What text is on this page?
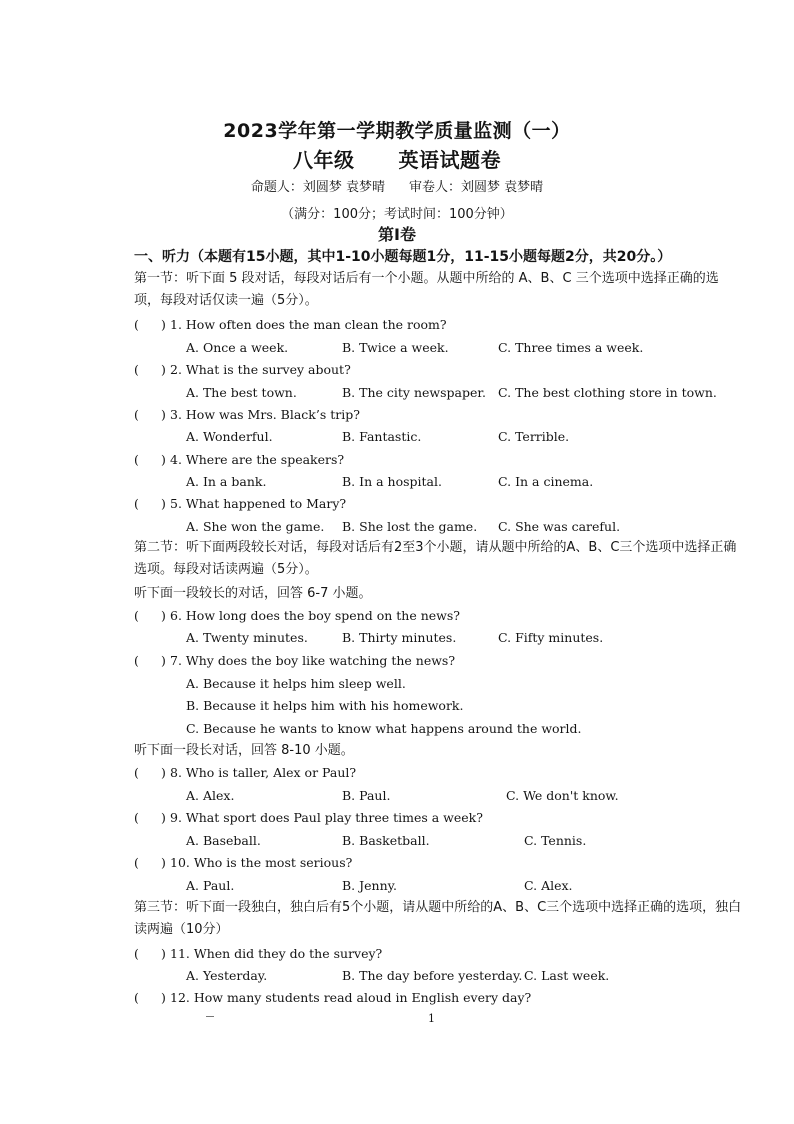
2023学年第一学期教学质量监测（一）
八年级 英语试题卷
命题人：刘圆梦 袁梦晴 审卷人：刘圆梦 袁梦晴
（满分：100分；考试时间：100分钟）
第Ⅰ卷
一、听力（本题有15小题，其中1-10小题每题1分，11-15小题每题2分，共20分。）
第一节：听下面 5 段对话，每段对话后有一个小题。从题中所给的 A、B、C 三个选项中选择正确的选项，每段对话仅读一遍（5分）。
( ) 1. How often does the man clean the room?
A. Once a week.	B. Twice a week.	C. Three times a week.
( ) 2. What is the survey about?
A. The best town.	B. The city newspaper. C. The best clothing store in town.
( ) 3. How was Mrs. Black’s trip?
A. Wonderful.	B. Fantastic.	C. Terrible.
( ) 4. Where are the speakers?
A. In a bank.	B. In a hospital.	C. In a cinema.
( ) 5. What happened to Mary?
A. She won the game. B. She lost the game. C. She was careful.
第二节：听下面两段较长对话，每段对话后有2至3个小题，请从题中所给的A、B、C三个选项中选择正确选项。每段对话读两遍（5分）。
听下面一段较长的对话，回答 6-7 小题。
( ) 6. How long does the boy spend on the news?
A. Twenty minutes.	B. Thirty minutes.	C. Fifty minutes.
( ) 7. Why does the boy like watching the news?
A. Because it helps him sleep well.
B. Because it helps him with his homework.
C. Because he wants to know what happens around the world.
听下面一段长对话，回答 8-10 小题。
( ) 8. Who is taller, Alex or Paul?
A. Alex.	B. Paul.	C. We don't know.
( ) 9. What sport does Paul play three times a week?
A. Baseball.	B. Basketball.	C. Tennis.
( ) 10. Who is the most serious?
A. Paul.	B. Jenny.	C. Alex.
第三节：听下面一段独白，独白后有5个小题，请从题中所给的A、B、C三个选项中选择正确的选项，独白读两遍（10分）
( ) 11. When did they do the survey?
A. Yesterday.	B. The day before yesterday. C. Last week.
( ) 12. How many students read aloud in English every day?
1
